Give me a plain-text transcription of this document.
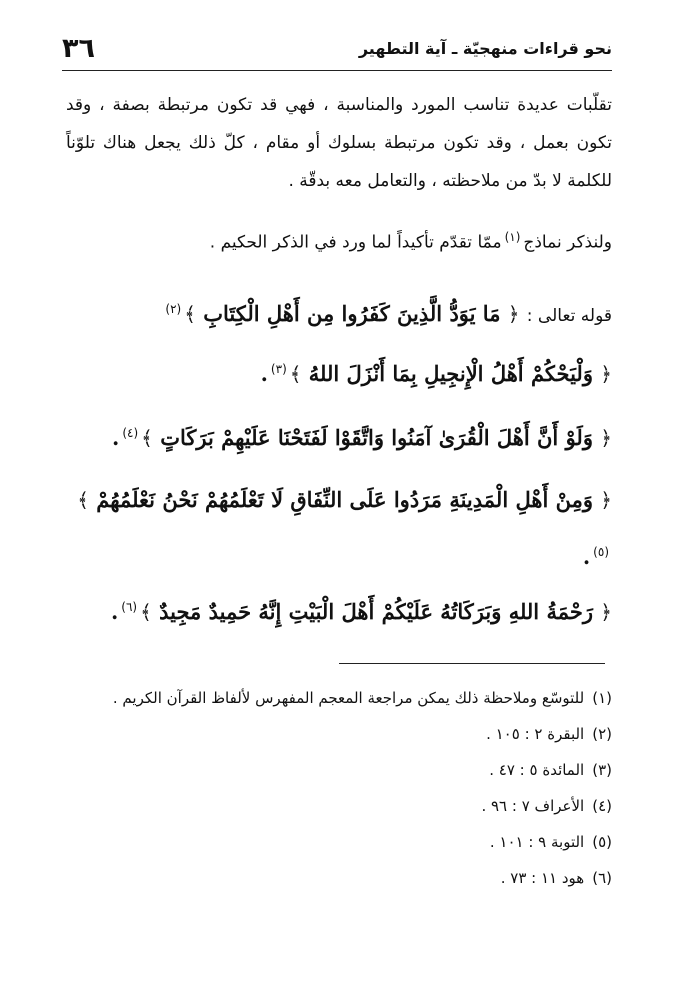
٣٦	نحو قراءات منهجيّة ـ آية التطهير
تقلّبات عديدة تناسب المورد والمناسبة ، فهي قد تكون مرتبطة بصفة ، وقد تكون بعمل ، وقد تكون مرتبطة بسلوك أو مقام ، كلّ ذلك يجعل هناك تلوّناً للكلمة لا بدّ من ملاحظته ، والتعامل معه بدقّة .
ولنذكر نماذج$^{(١)}$ممّا تقدّم تأكيداً لما ورد في الذكر الحكيم .
قوله تعالى : ﴿ مَا يَوَدُّ الَّذِينَ كَفَرُوا مِن أَهْلِ الْكِتَابِ ﴾$^{(٢)}$
﴿ وَلْيَحْكُمْ أَهْلُ الْإِنجِيلِ بِمَا أَنْزَلَ اللهُ ﴾$^{(٣)}$.
﴿ وَلَوْ أَنَّ أَهْلَ الْقُرَىٰ آمَنُوا وَاتَّقَوْا لَفَتَحْنَا عَلَيْهِمْ بَرَكَاتٍ ﴾$^{(٤)}$.
﴿ وَمِنْ أَهْلِ الْمَدِينَةِ مَرَدُوا عَلَى النِّفَاقِ لَا تَعْلَمُهُمْ نَحْنُ نَعْلَمُهُمْ ﴾$^{(٥)}$.
﴿ رَحْمَةُ اللهِ وَبَرَكَاتُهُ عَلَيْكُمْ أَهْلَ الْبَيْتِ إِنَّهُ حَمِيدٌ مَجِيدٌ ﴾$^{(٦)}$.
(١)
للتوسّع وملاحظة ذلك يمكن مراجعة المعجم المفهرس لألفاظ القرآن الكريم .
(٢)
البقرة ٢ : ١٠٥ .
(٣)
المائدة ٥ : ٤٧ .
(٤)
الأعراف ٧ : ٩٦ .
(٥)
التوبة ٩ : ١٠١ .
(٦)
هود ١١ : ٧٣ .
